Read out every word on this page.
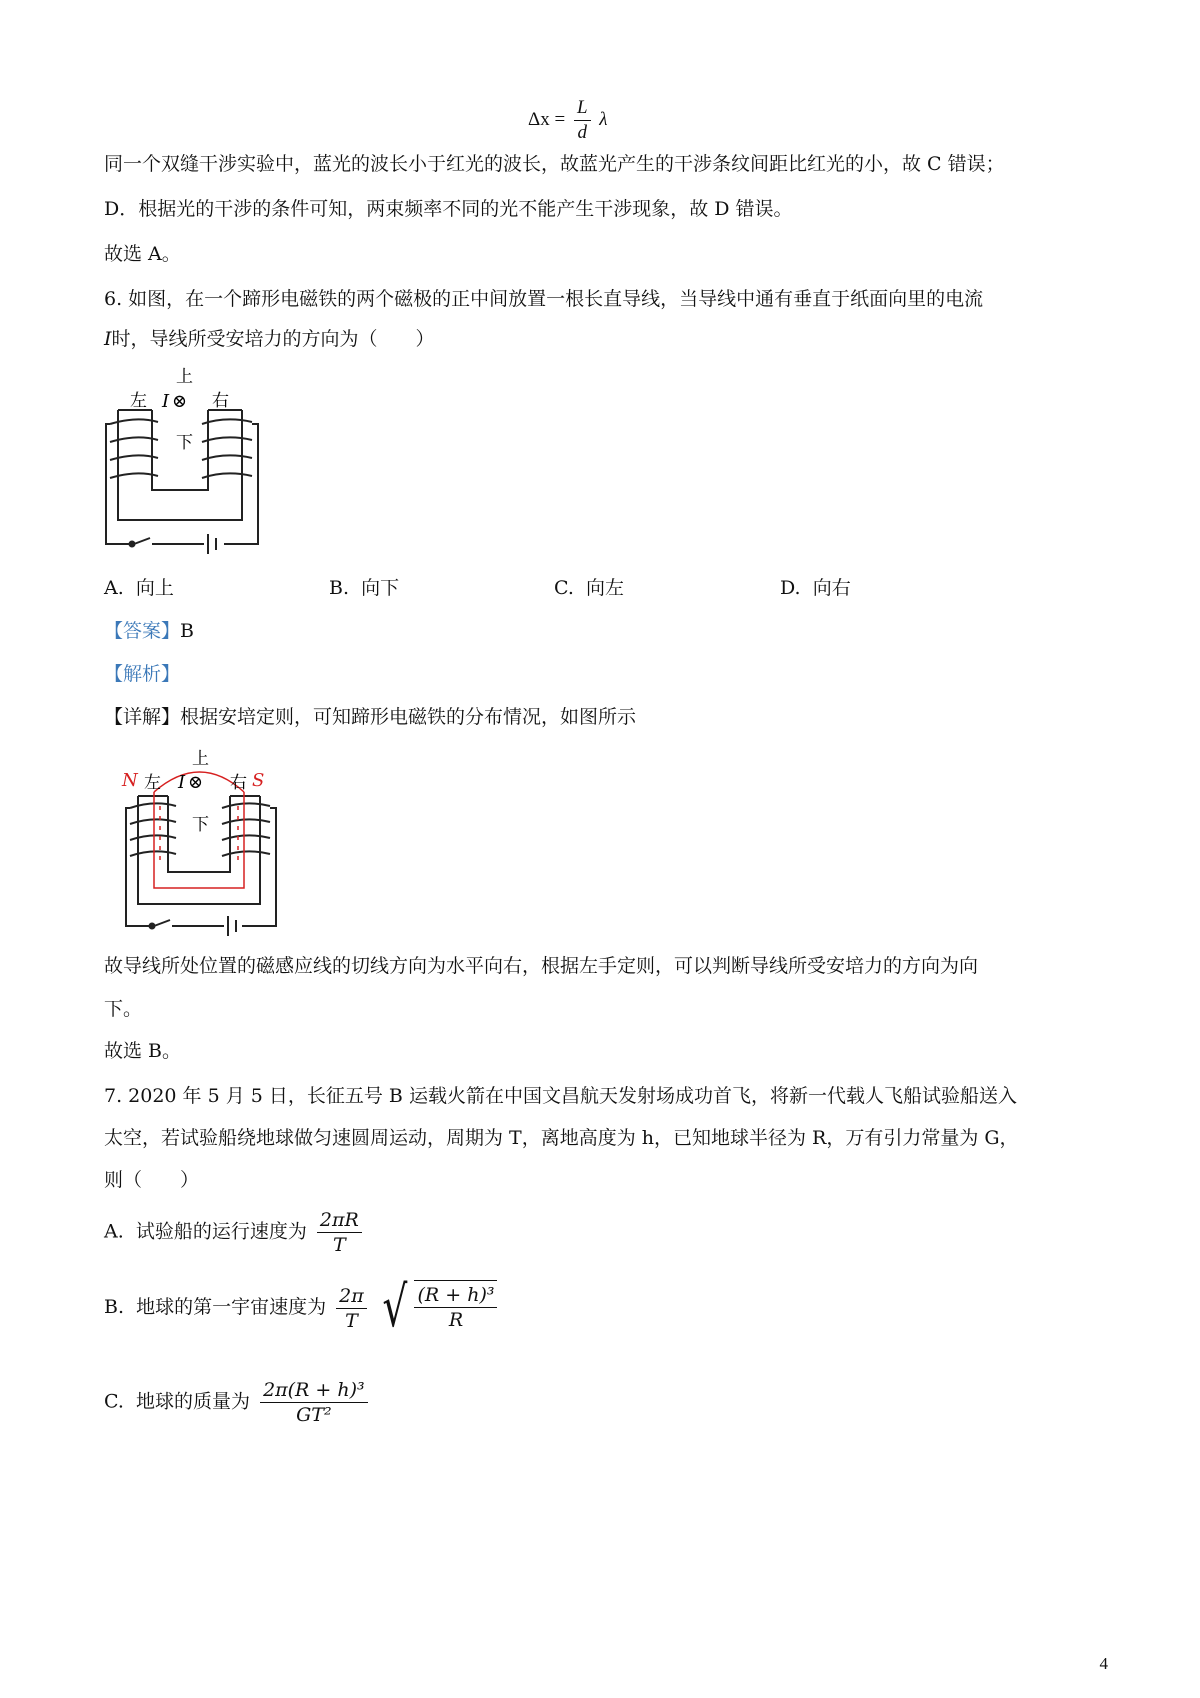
$\Delta x = \frac{L}{d}$ λ
同一个双缝干涉实验中，蓝光的波长小于红光的波长，故蓝光产生的干涉条纹间距比红光的小，故 C 错误；
D．根据光的干涉的条件可知，两束频率不同的光不能产生干涉现象，故 D 错误。
故选 A。
6. 如图，在一个蹄形电磁铁的两个磁极的正中间放置一根长直导线，当导线中通有垂直于纸面向里的电流
I时，导线所受安培力的方向为（　　）
上
左	右
I ⊗
下
A. 向上	B. 向下	C. 向左	D. 向右
【答案】B
【解析】
【详解】根据安培定则，可知蹄形电磁铁的分布情况，如图所示
N	S
上
左	右
I ⊗
下
故导线所处位置的磁感应线的切线方向为水平向右，根据左手定则，可以判断导线所受安培力的方向为向
下。
故选 B。
7. 2020 年 5 月 5 日，长征五号 B 运载火箭在中国文昌航天发射场成功首飞，将新一代载人飞船试验船送入
太空，若试验船绕地球做匀速圆周运动，周期为 T，离地高度为 h，已知地球半径为 R，万有引力常量为 G，
则（　　）
A. 试验船的运行速度为 $\frac{2\pi R}{T}$
B. 地球的第一宇宙速度为 $\frac{2\pi}{T}$
√ $\frac{\text{(R + h)³}}{R}$
C. 地球的质量为 $\frac{\text{2π(R + h)³}}{\text{GT²}}$
4
